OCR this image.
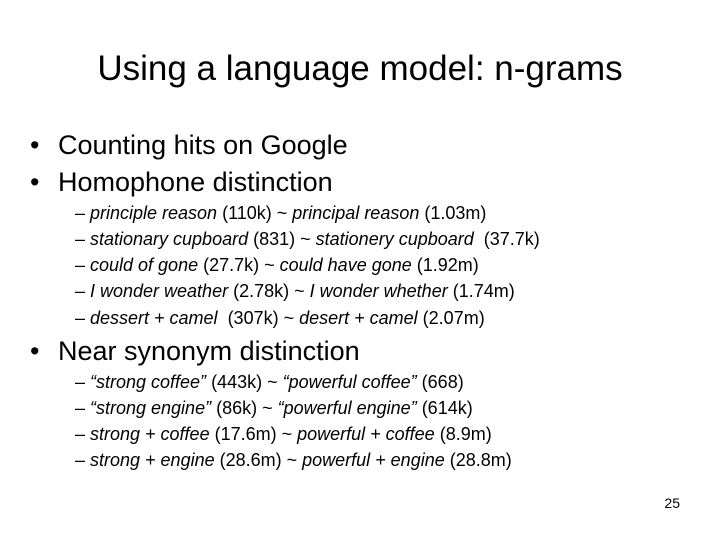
Using a language model: n-grams
• Counting hits on Google
• Homophone distinction
– principle reason (110k) ~ principal reason (1.03m)
– stationary cupboard (831) ~ stationery cupboard  (37.7k)
– could of gone (27.7k) ~ could have gone (1.92m)
– I wonder weather (2.78k) ~ I wonder whether (1.74m)
– dessert + camel  (307k) ~ desert + camel (2.07m)
• Near synonym distinction
– “strong coffee” (443k) ~ “powerful coffee” (668)
– “strong engine” (86k) ~ “powerful engine” (614k)
– strong + coffee (17.6m) ~ powerful + coffee (8.9m)
– strong + engine (28.6m) ~ powerful + engine (28.8m)
25
